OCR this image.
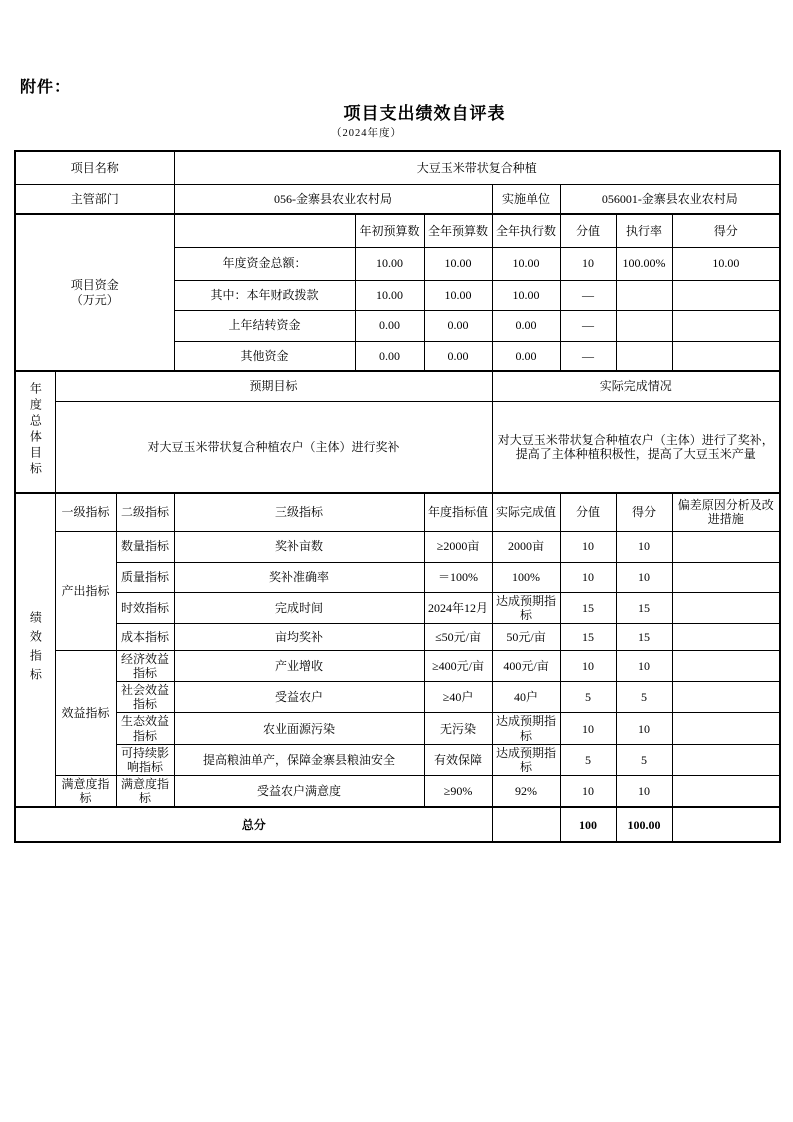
附件：
项目支出绩效自评表
（2024年度）
项目名称			大豆玉米带状复合种植						
主管部门			056-金寨县农业农村局			实施单位	056001-金寨县农业农村局		

项目资金
（万元）				年初预算数	全年预算数	全年执行数	分值	执行率	得分
			年度资金总额：	10.00	10.00	10.00	10	100.00%	10.00
			其中：本年财政拨款	10.00	10.00	10.00	—		
			上年结转资金	0.00	0.00	0.00	—		
			其他资金	0.00	0.00	0.00	—		
年度总体目标	预期目标					实际完成情况			
	对大豆玉米带状复合种植农户（主体）进行奖补					对大豆玉米带状复合种植农户（主体）进行了奖补，提高了主体种植积极性，提高了大豆玉米产量			
绩效指标	一级指标	二级指标	三级指标		年度指标值	实际完成值	分值	得分	偏差原因分析及改进措施
	产出指标	数量指标	奖补亩数		≥2000亩	2000亩	10	10	
		质量指标	奖补准确率		＝100%	100%	10	10	
		时效指标	完成时间		2024年12月	达成预期指标	15	15	
		成本指标	亩均奖补		≤50元/亩	50元/亩	15	15	
	效益指标	经济效益指标	产业增收		≥400元/亩	400元/亩	10	10	
		社会效益指标	受益农户		≥40户	40户	5	5	
		生态效益指标	农业面源污染		无污染	达成预期指标	10	10	
		可持续影响指标	提高粮油单产，保障金寨县粮油安全		有效保障	达成预期指标	5	5	
	满意度指标	满意度指标	受益农户满意度		≥90%	92%	10	10	
总分							100	100.00	
